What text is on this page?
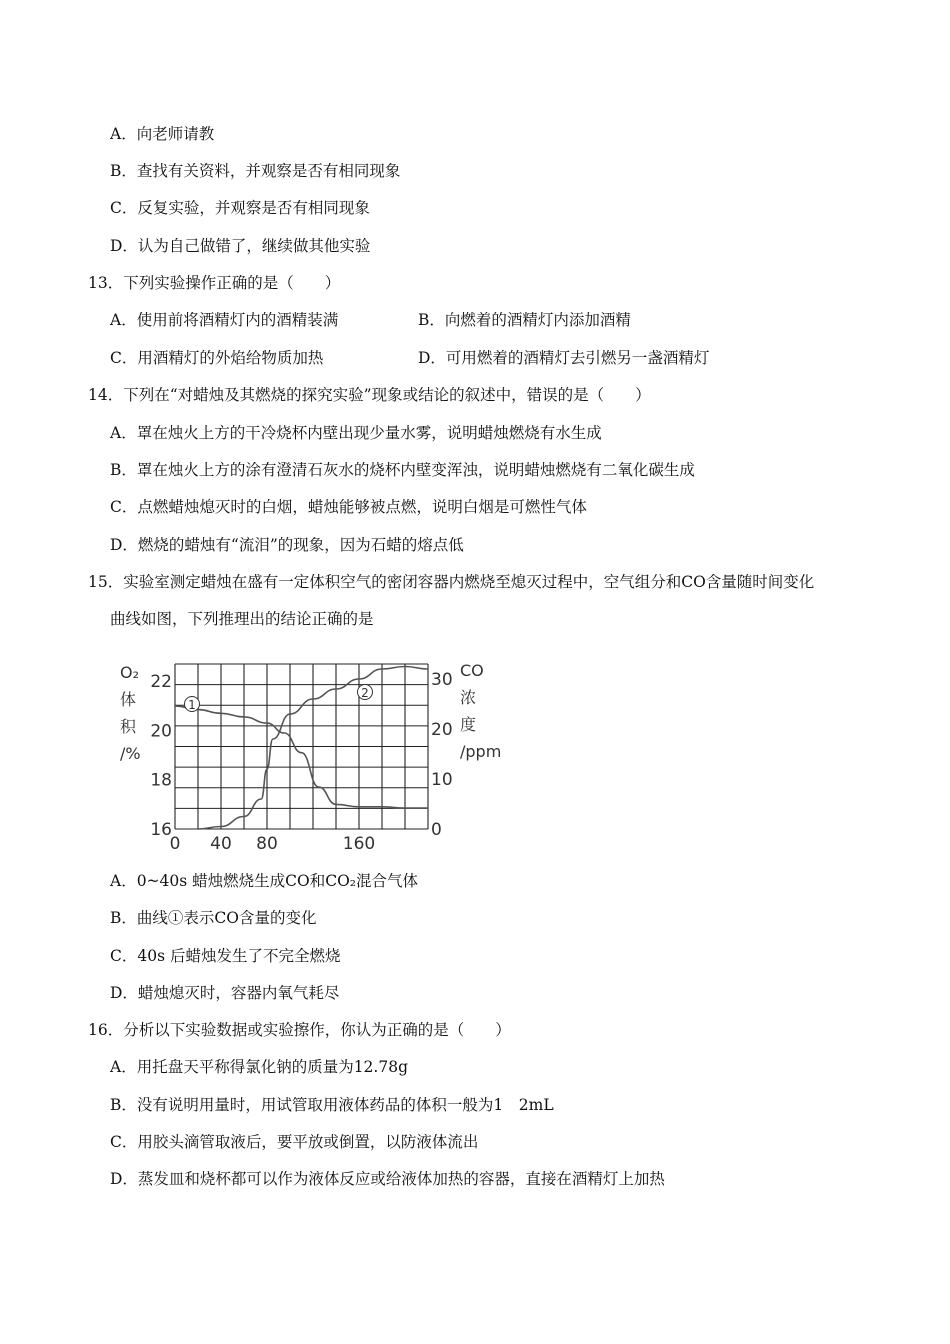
A．向老师请教
B．查找有关资料，并观察是否有相同现象
C．反复实验，并观察是否有相同现象
D．认为自己做错了，继续做其他实验
13．下列实验操作正确的是（　　）
A．使用前将酒精灯内的酒精装满	B．向燃着的酒精灯内添加酒精
C．用酒精灯的外焰给物质加热	D．可用燃着的酒精灯去引燃另一盏酒精灯
14．下列在“对蜡烛及其燃烧的探究实验”现象或结论的叙述中，错误的是（　　）
A．罩在烛火上方的干冷烧杯内壁出现少量水雾，说明蜡烛燃烧有水生成
B．罩在烛火上方的涂有澄清石灰水的烧杯内壁变浑浊，说明蜡烛燃烧有二氧化碳生成
C．点燃蜡烛熄灭时的白烟，蜡烛能够被点燃，说明白烟是可燃性气体
D．燃烧的蜡烛有“流泪”的现象，因为石蜡的熔点低
15．实验室测定蜡烛在盛有一定体积空气的密闭容器内燃烧至熄灭过程中，空气组分和CO含量随时间变化
曲线如图，下列推理出的结论正确的是
1
2
O₂
体
积
/%
CO
浓
度
/ppm
22
20
18
16
30
20
10
0
0 40 80	160
A．0~40s 蜡烛燃烧生成CO和CO₂混合气体
B．曲线①表示CO含量的变化
C．40s 后蜡烛发生了不完全燃烧
D．蜡烛熄灭时，容器内氧气耗尽
16．分析以下实验数据或实验擦作，你认为正确的是（　　）
A．用托盘天平称得氯化钠的质量为12.78g
B．没有说明用量时，用试管取用液体药品的体积一般为1　2mL
C．用胶头滴管取液后，要平放或倒置，以防液体流出
D．蒸发皿和烧杯都可以作为液体反应或给液体加热的容器，直接在酒精灯上加热
